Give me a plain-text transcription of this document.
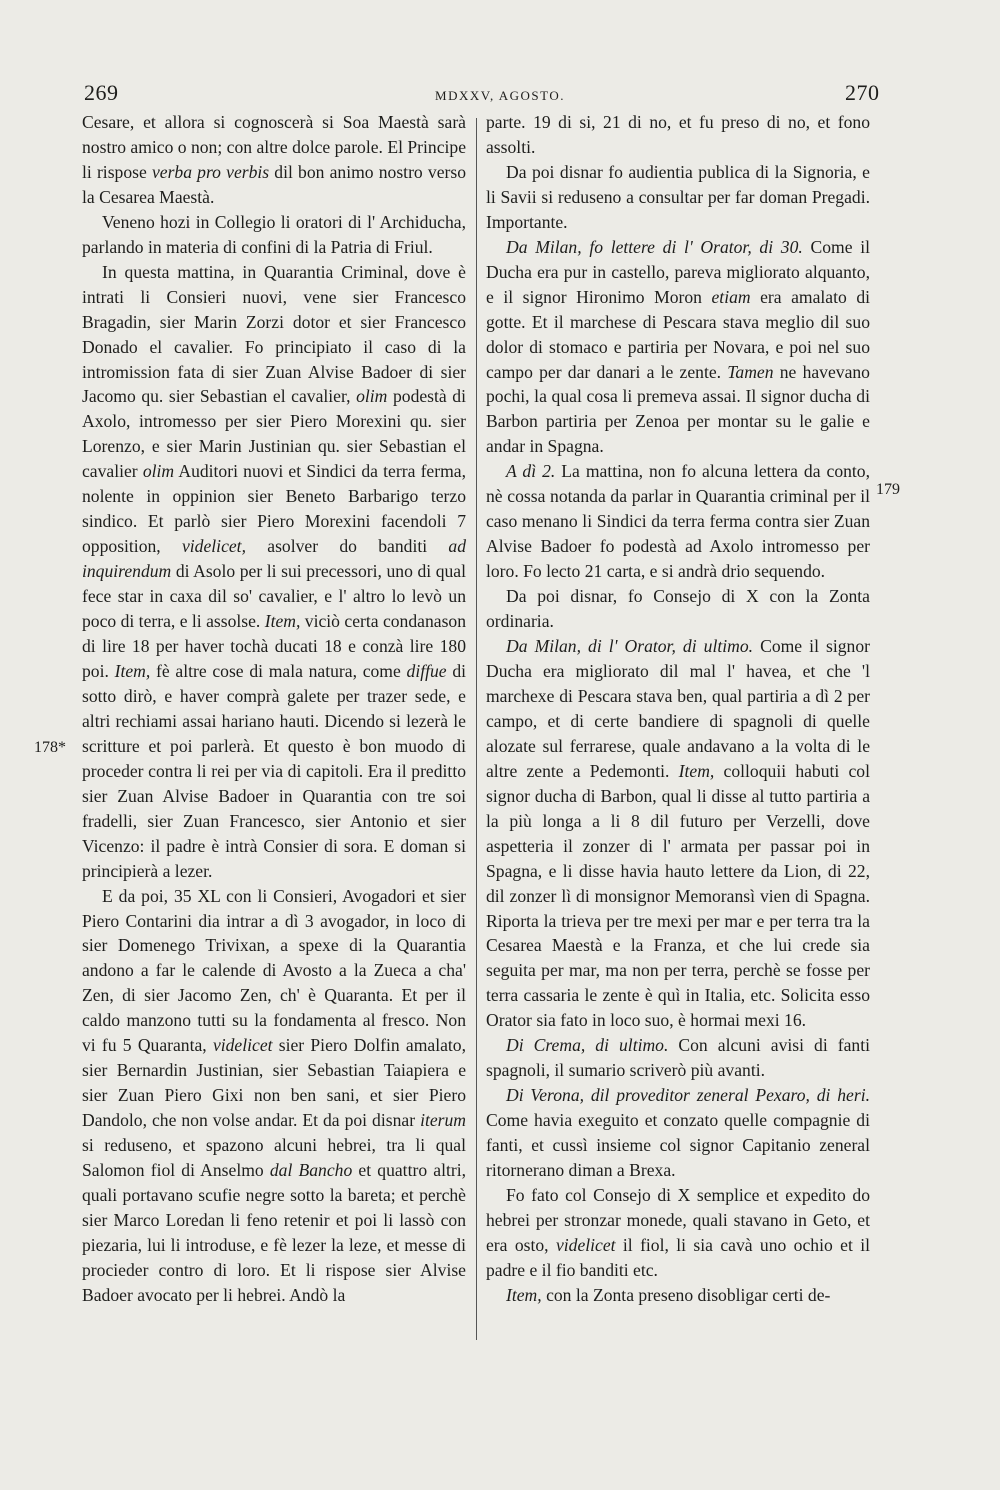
269	MDXXV, AGOSTO.	270
178*
179

Cesare, et allora si cognoscerà si Soa Maestà sarà nostro amico o non; con altre dolce parole. El Principe li rispose verba pro verbis dil bon animo nostro verso la Cesarea Maestà.

Veneno hozi in Collegio li oratori di l' Archiducha, parlando in materia di confini di la Patria di Friul.

In questa mattina, in Quarantia Criminal, dove è intrati li Consieri nuovi, vene sier Francesco Bragadin, sier Marin Zorzi dotor et sier Francesco Donado el cavalier. Fo principiato il caso di la intromission fata di sier Zuan Alvise Badoer di sier Jacomo qu. sier Sebastian el cavalier, olim podestà di Axolo, intromesso per sier Piero Morexini qu. sier Lorenzo, e sier Marin Justinian qu. sier Sebastian el cavalier olim Auditori nuovi et Sindici da terra ferma, nolente in oppinion sier Beneto Barbarigo terzo sindico. Et parlò sier Piero Morexini facendoli 7 opposition, videlicet, asolver do banditi ad inquirendum di Asolo per li sui precessori, uno di qual fece star in caxa dil so' cavalier, e l' altro lo levò un poco di terra, e li assolse. Item, viciò certa condanason di lire 18 per haver tochà ducati 18 e conzà lire 180 poi. Item, fè altre cose di mala natura, come diffue di sotto dirò, e haver comprà galete per trazer sede, e altri rechiami assai hariano hauti. Dicendo si lezerà le scritture et poi parlerà. Et questo è bon muodo di proceder contra li rei per via di capitoli. Era il preditto sier Zuan Alvise Badoer in Quarantia con tre soi fradelli, sier Zuan Francesco, sier Antonio et sier Vicenzo: il padre è intrà Consier di sora. E doman si principierà a lezer.

E da poi, 35 XL con li Consieri, Avogadori et sier Piero Contarini dia intrar a dì 3 avogador, in loco di sier Domenego Trivixan, a spexe di la Quarantia andono a far le calende di Avosto a la Zueca a cha' Zen, di sier Jacomo Zen, ch' è Quaranta. Et per il caldo manzono tutti su la fondamenta al fresco. Non vi fu 5 Quaranta, videlicet sier Piero Dolfin amalato, sier Bernardin Justinian, sier Sebastian Taiapiera e sier Zuan Piero Gixi non ben sani, et sier Piero Dandolo, che non volse andar. Et da poi disnar iterum si reduseno, et spazono alcuni hebrei, tra li qual Salomon fiol di Anselmo dal Bancho et quattro altri, quali portavano scufie negre sotto la bareta; et perchè sier Marco Loredan li feno retenir et poi li lassò con piezaria, lui li introduse, e fè lezer la leze, et messe di procieder contro di loro. Et li rispose sier Alvise Badoer avocato per li hebrei. Andò la

parte. 19 di si, 21 di no, et fu preso di no, et fono assolti.

Da poi disnar fo audientia publica di la Signoria, e li Savii si reduseno a consultar per far doman Pregadi. Importante.

Da Milan, fo lettere di l' Orator, di 30. Come il Ducha era pur in castello, pareva migliorato alquanto, e il signor Hironimo Moron etiam era amalato di gotte. Et il marchese di Pescara stava meglio dil suo dolor di stomaco e partiria per Novara, e poi nel suo campo per dar danari a le zente. Tamen ne havevano pochi, la qual cosa li premeva assai. Il signor ducha di Barbon partiria per Zenoa per montar su le galie e andar in Spagna.

A dì 2. La mattina, non fo alcuna lettera da conto, nè cossa notanda da parlar in Quarantia criminal per il caso menano li Sindici da terra ferma contra sier Zuan Alvise Badoer fo podestà ad Axolo intromesso per loro. Fo lecto 21 carta, e si andrà drio sequendo.

Da poi disnar, fo Consejo di X con la Zonta ordinaria.

Da Milan, di l' Orator, di ultimo. Come il signor Ducha era migliorato dil mal l' havea, et che 'l marchexe di Pescara stava ben, qual partiria a dì 2 per campo, et di certe bandiere di spagnoli di quelle alozate sul ferrarese, quale andavano a la volta di le altre zente a Pedemonti. Item, colloquii habuti col signor ducha di Barbon, qual li disse al tutto partiria a la più longa a li 8 dil futuro per Verzelli, dove aspetteria il zonzer di l' armata per passar poi in Spagna, e li disse havia hauto lettere da Lion, di 22, dil zonzer lì di monsignor Memoransì vien di Spagna. Riporta la trieva per tre mexi per mar e per terra tra la Cesarea Maestà e la Franza, et che lui crede sia seguita per mar, ma non per terra, perchè se fosse per terra cassaria le zente è quì in Italia, etc. Solicita esso Orator sia fato in loco suo, è hormai mexi 16.

Di Crema, di ultimo. Con alcuni avisi di fanti spagnoli, il sumario scriverò più avanti.

Di Verona, dil proveditor zeneral Pexaro, di heri. Come havia exeguito et conzato quelle compagnie di fanti, et cussì insieme col signor Capitanio zeneral ritornerano diman a Brexa.

Fo fato col Consejo di X semplice et expedito do hebrei per stronzar monede, quali stavano in Geto, et era osto, videlicet il fiol, li sia cavà uno ochio et il padre e il fio banditi etc.

Item, con la Zonta preseno disobligar certi de-
